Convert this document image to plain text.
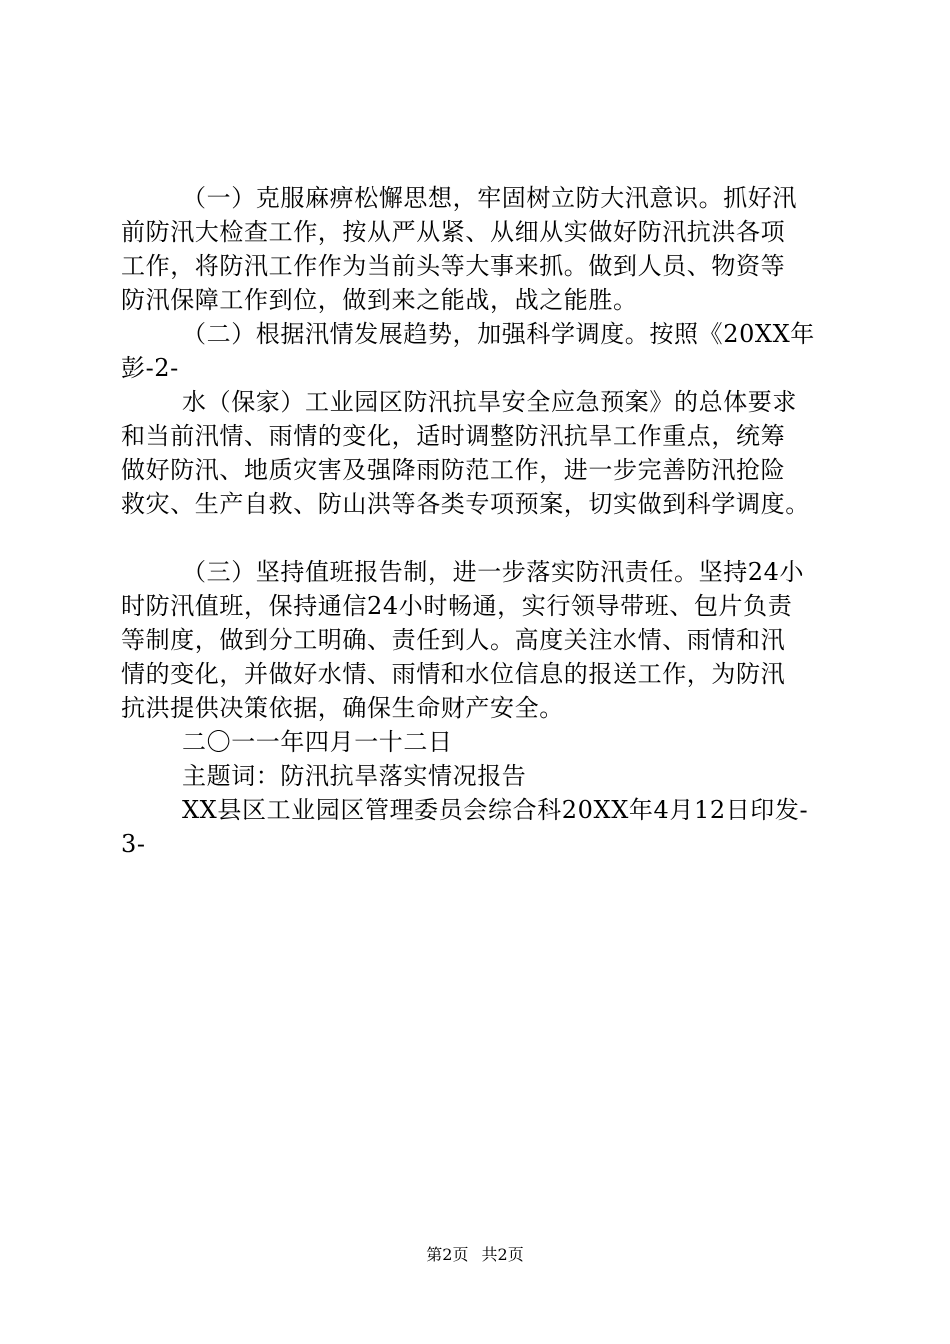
（一）克服麻痹松懈思想，牢固树立防大汛意识。抓好汛
前防汛大检查工作，按从严从紧、从细从实做好防汛抗洪各项
工作，将防汛工作作为当前头等大事来抓。做到人员、物资等
防汛保障工作到位，做到来之能战，战之能胜。
（二）根据汛情发展趋势，加强科学调度。按照《20XX年
彭-2-
水（保家）工业园区防汛抗旱安全应急预案》的总体要求
和当前汛情、雨情的变化，适时调整防汛抗旱工作重点，统筹
做好防汛、地质灾害及强降雨防范工作，进一步完善防汛抢险
救灾、生产自救、防山洪等各类专项预案，切实做到科学调度。
（三）坚持值班报告制，进一步落实防汛责任。坚持24小
时防汛值班，保持通信24小时畅通，实行领导带班、包片负责
等制度，做到分工明确、责任到人。高度关注水情、雨情和汛
情的变化，并做好水情、雨情和水位信息的报送工作，为防汛
抗洪提供决策依据，确保生命财产安全。
二〇一一年四月一十二日
主题词：防汛抗旱落实情况报告
XX县区工业园区管理委员会综合科20XX年4月12日印发-
3-
第2页 共2页
